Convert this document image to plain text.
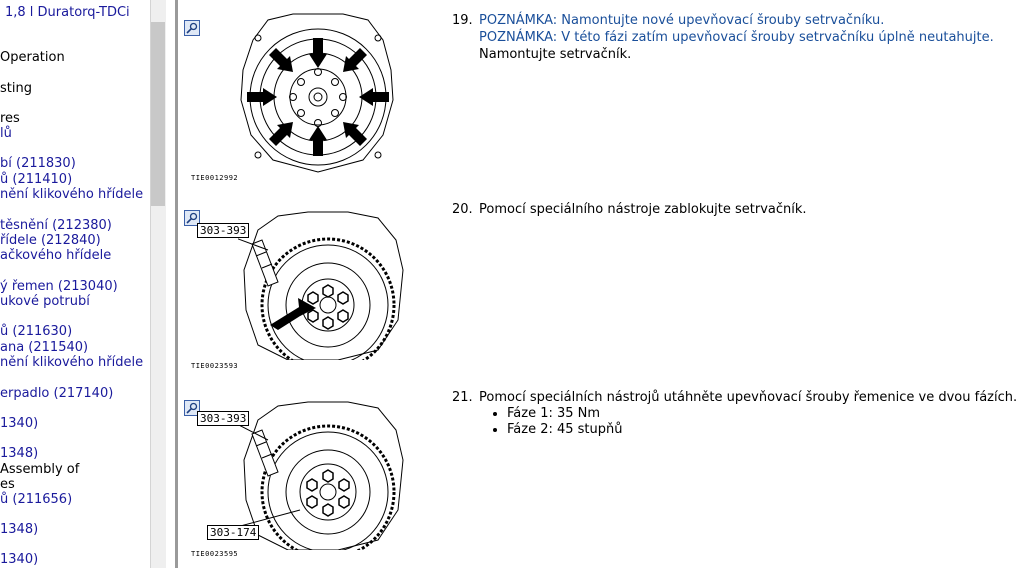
1,8 l Duratorq-TDCi
Operation
sting
res
lů
bí (211830)
ů (211410)
nění klikového hřídele
těsnění (212380)
řídele (212840)
ačkového hřídele
ý řemen (213040)
ukové potrubí
ů (211630)
ana (211540)
nění klikového hřídele
erpadlo (217140)
1340)
1348)
Assembly of
es
ů (211656)
1348)
1340)
TIE0012992
19. POZNÁMKA: Namontujte nové upevňovací šrouby setrvačníku.
POZNÁMKA: V této fázi zatím upevňovací šrouby setrvačníku úplně neutahujte.
Namontujte setrvačník.
303-393
TIE0023593
20. Pomocí speciálního nástroje zablokujte setrvačník.
303-393
303-174
TIE0023595
21. Pomocí speciálních nástrojů utáhněte upevňovací šrouby řemenice ve dvou fázích.
• Fáze 1: 35 Nm
• Fáze 2: 45 stupňů
